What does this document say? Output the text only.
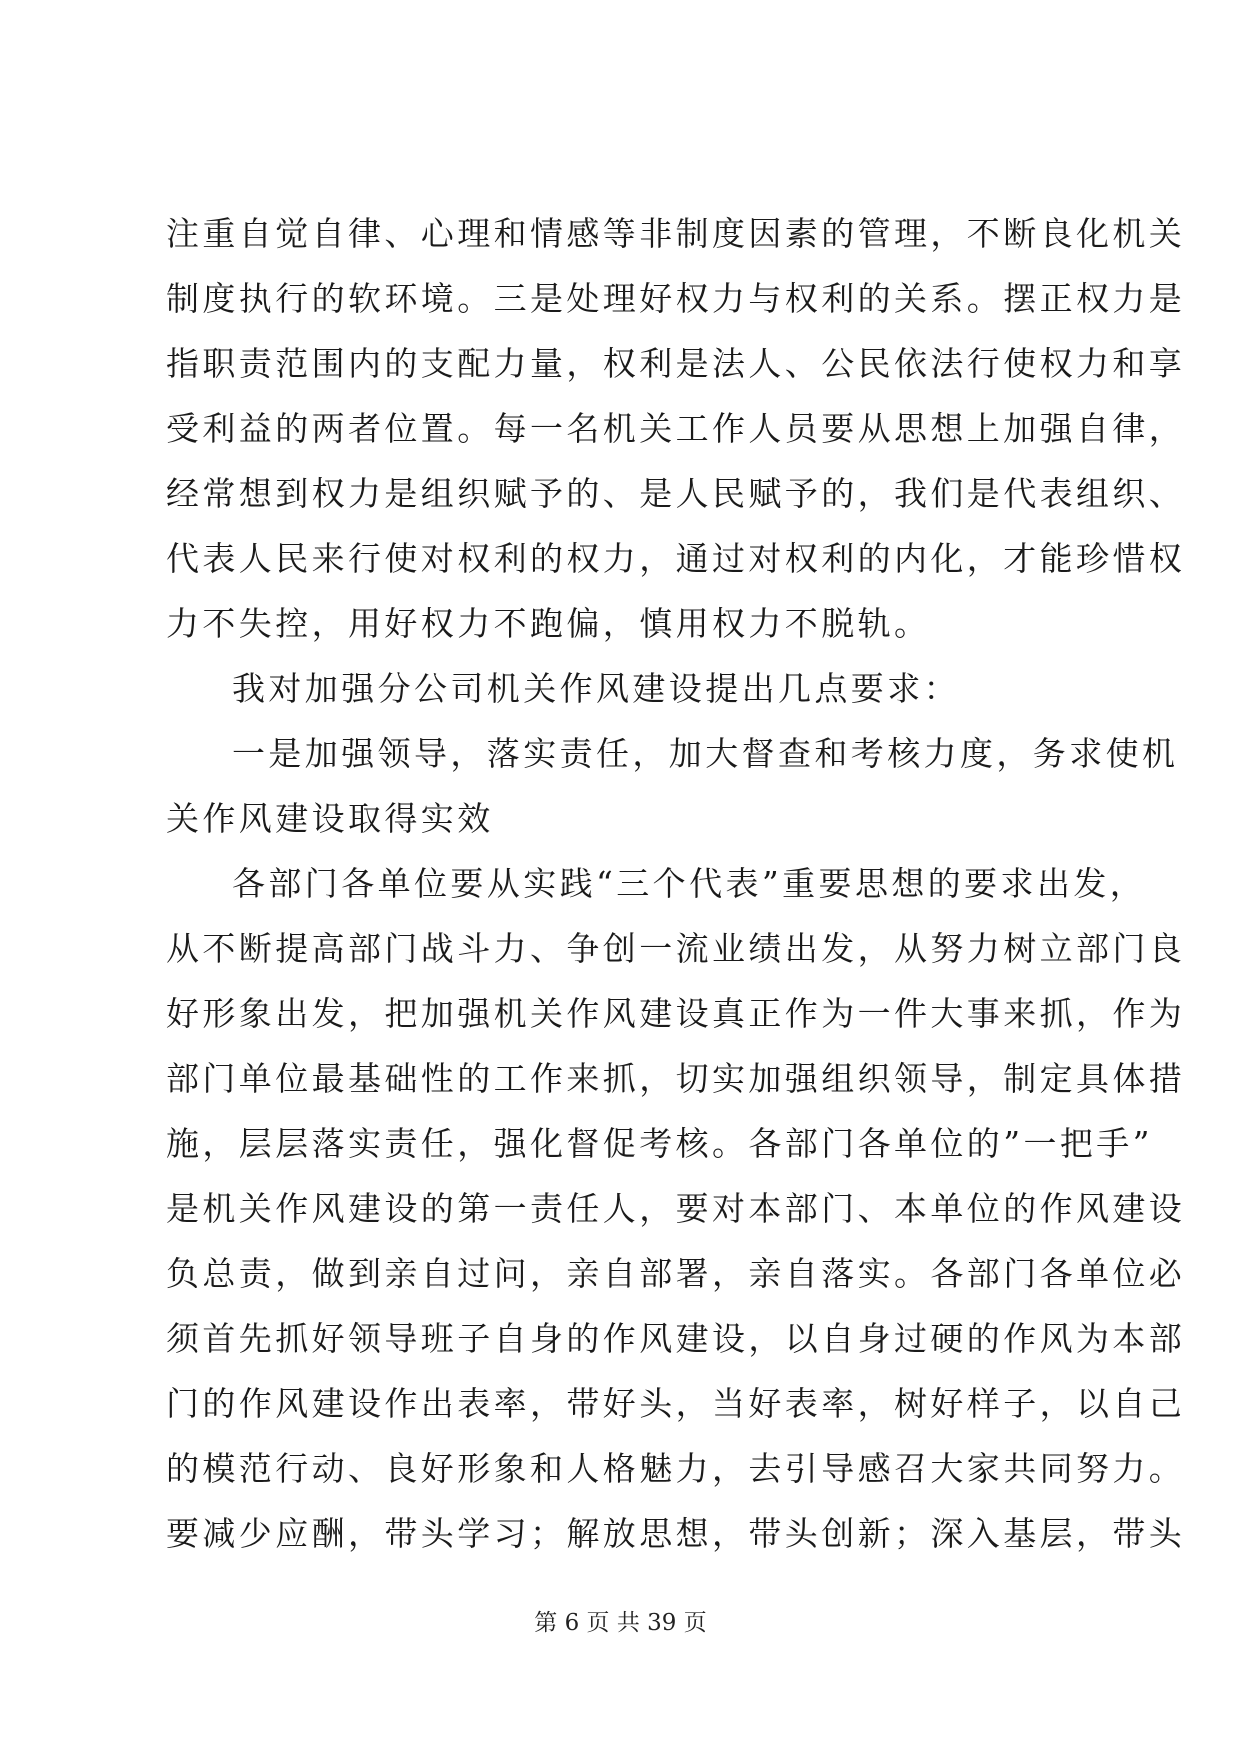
注重自觉自律、心理和情感等非制度因素的管理，不断良化机关
制度执行的软环境。三是处理好权力与权利的关系。摆正权力是
指职责范围内的支配力量，权利是法人、公民依法行使权力和享
受利益的两者位置。每一名机关工作人员要从思想上加强自律，
经常想到权力是组织赋予的、是人民赋予的，我们是代表组织、
代表人民来行使对权利的权力，通过对权利的内化，才能珍惜权
力不失控，用好权力不跑偏，慎用权力不脱轨。
我对加强分公司机关作风建设提出几点要求：
一是加强领导，落实责任，加大督查和考核力度，务求使机
关作风建设取得实效
各部门各单位要从实践“三个代表”重要思想的要求出发，
从不断提高部门战斗力、争创一流业绩出发，从努力树立部门良
好形象出发，把加强机关作风建设真正作为一件大事来抓，作为
部门单位最基础性的工作来抓，切实加强组织领导，制定具体措
施，层层落实责任，强化督促考核。各部门各单位的”一把手”
是机关作风建设的第一责任人，要对本部门、本单位的作风建设
负总责，做到亲自过问，亲自部署，亲自落实。各部门各单位必
须首先抓好领导班子自身的作风建设，以自身过硬的作风为本部
门的作风建设作出表率，带好头，当好表率，树好样子，以自己
的模范行动、良好形象和人格魅力，去引导感召大家共同努力。
要减少应酬，带头学习；解放思想，带头创新；深入基层，带头
第 6 页 共 39 页
